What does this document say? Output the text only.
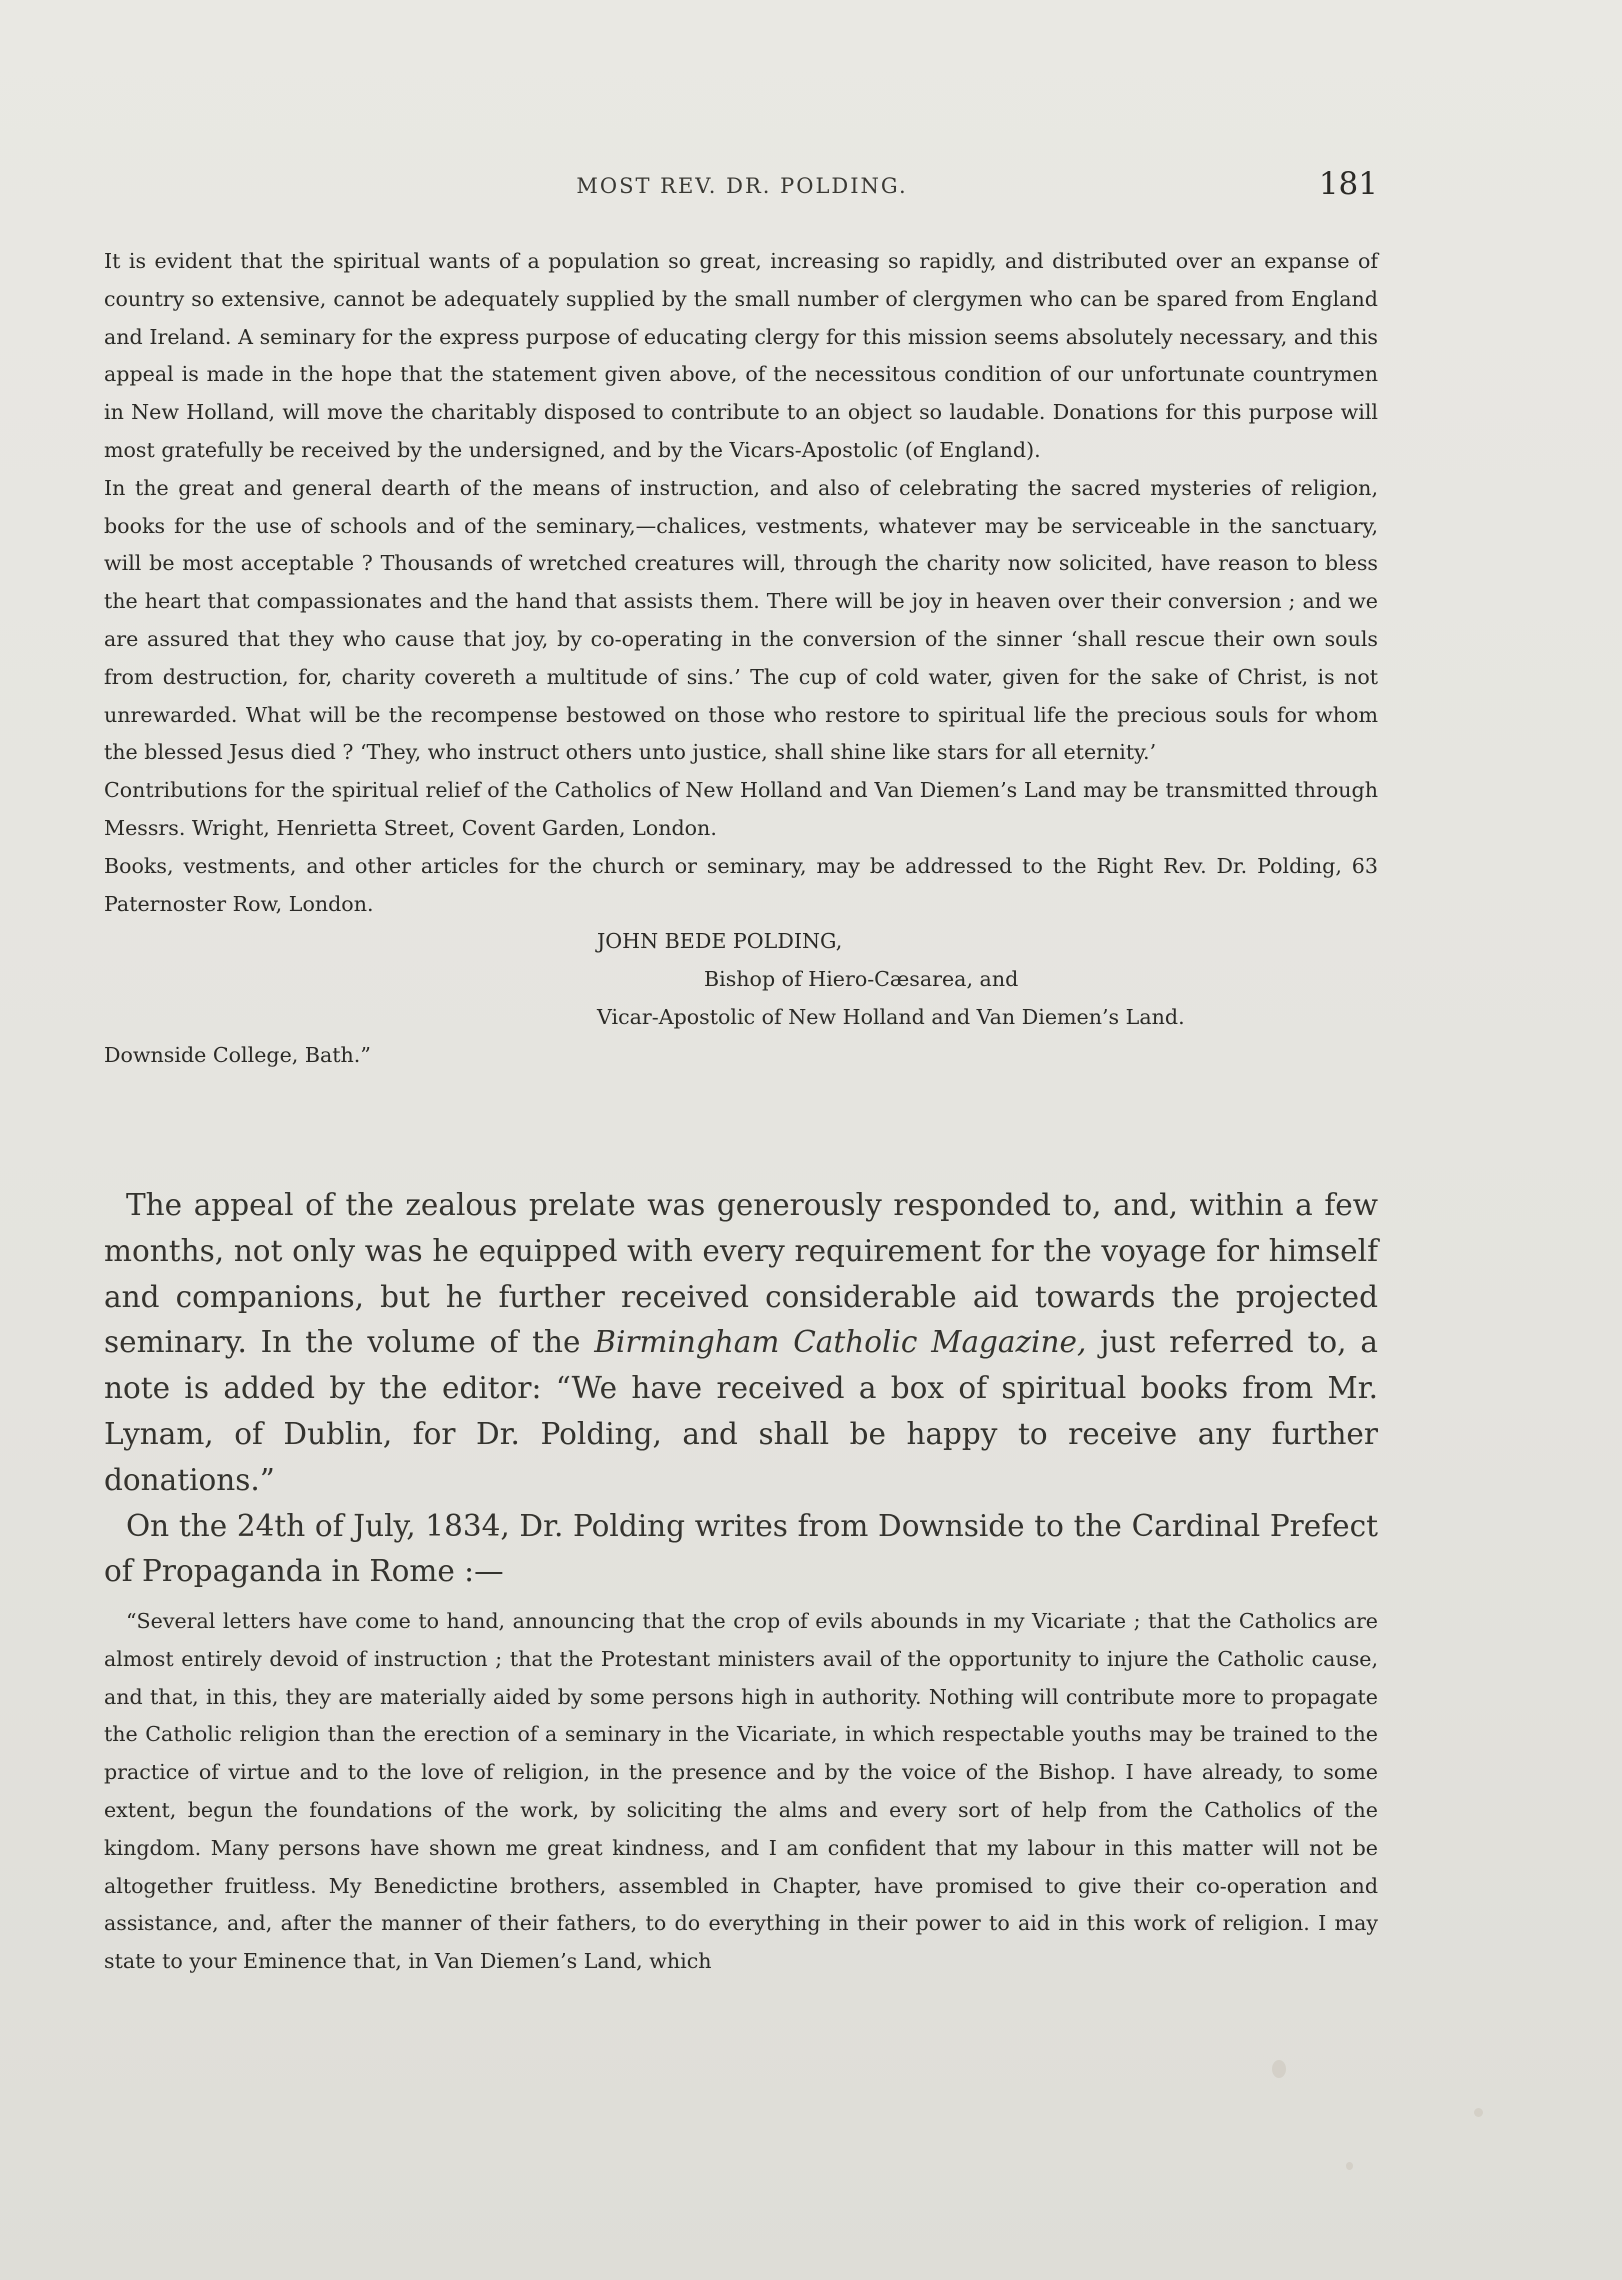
MOST REV. DR. POLDING.	181

It is evident that the spiritual wants of a population so great, increasing so rapidly, and distributed over an expanse of country so extensive, cannot be adequately supplied by the small number of clergymen who can be spared from England and Ireland. A seminary for the express purpose of educating clergy for this mission seems absolutely necessary, and this appeal is made in the hope that the statement given above, of the necessitous condition of our unfortunate countrymen in New Holland, will move the charitably disposed to contribute to an object so laudable. Donations for this purpose will most gratefully be received by the undersigned, and by the Vicars-Apostolic (of England).

In the great and general dearth of the means of instruction, and also of celebrating the sacred mysteries of religion, books for the use of schools and of the seminary,—chalices, vestments, whatever may be serviceable in the sanctuary, will be most acceptable ? Thousands of wretched creatures will, through the charity now solicited, have reason to bless the heart that compassionates and the hand that assists them. There will be joy in heaven over their conversion ; and we are assured that they who cause that joy, by co-operating in the conversion of the sinner ‘shall rescue their own souls from destruction, for, charity covereth a multitude of sins.’ The cup of cold water, given for the sake of Christ, is not unrewarded. What will be the recompense bestowed on those who restore to spiritual life the precious souls for whom the blessed Jesus died ? ‘They, who instruct others unto justice, shall shine like stars for all eternity.’

Contributions for the spiritual relief of the Catholics of New Holland and Van Diemen’s Land may be transmitted through Messrs. Wright, Henrietta Street, Covent Garden, London.

Books, vestments, and other articles for the church or seminary, may be addressed to the Right Rev. Dr. Polding, 63 Paternoster Row, London.

JOHN BEDE POLDING,

Bishop of Hiero-Cæsarea, and

Vicar-Apostolic of New Holland and Van Diemen’s Land.

Downside College, Bath.”

The appeal of the zealous prelate was generously responded to, and, within a few months, not only was he equipped with every requirement for the voyage for himself and companions, but he further received considerable aid towards the projected seminary. In the volume of the Birmingham Catholic Magazine, just referred to, a note is added by the editor: “We have received a box of spiritual books from Mr. Lynam, of Dublin, for Dr. Polding, and shall be happy to receive any further donations.”

On the 24th of July, 1834, Dr. Polding writes from Downside to the Cardinal Prefect of Propaganda in Rome :—

“Several letters have come to hand, announcing that the crop of evils abounds in my Vicariate ; that the Catholics are almost entirely devoid of instruction ; that the Protestant ministers avail of the opportunity to injure the Catholic cause, and that, in this, they are materially aided by some persons high in authority. Nothing will contribute more to propagate the Catholic religion than the erection of a seminary in the Vicariate, in which respectable youths may be trained to the practice of virtue and to the love of religion, in the presence and by the voice of the Bishop. I have already, to some extent, begun the foundations of the work, by soliciting the alms and every sort of help from the Catholics of the kingdom. Many persons have shown me great kindness, and I am confident that my labour in this matter will not be altogether fruitless. My Benedictine brothers, assembled in Chapter, have promised to give their co-operation and assistance, and, after the manner of their fathers, to do everything in their power to aid in this work of religion. I may state to your Eminence that, in Van Diemen’s Land, which
